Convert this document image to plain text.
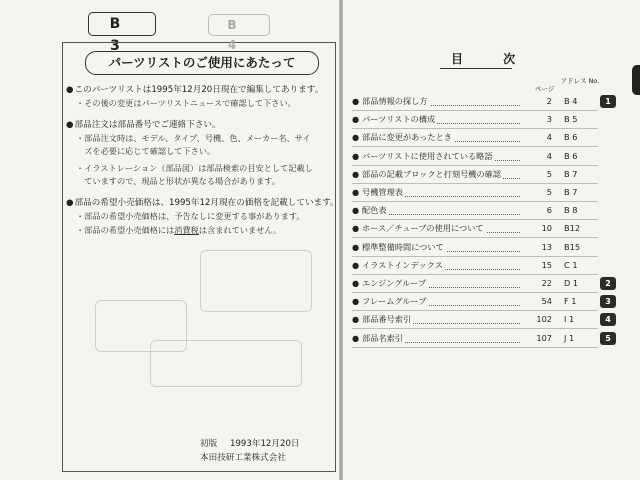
B 3
パーツリストのご使用にあたって
●このパーツリストは1995年12月20日現在で編集してあります。
・その後の変更はパーツリストニュースで確認して下さい。
●部品注文は部品番号でご連絡下さい。
・部品注文時は、モデル、タイプ、号機、色、メーカー名、サイ
　ズを必要に応じて確認して下さい。
・イラストレーション（部品図）は部品検索の目安として記載し
　ていますので、現品と形状が異なる場合があります。
●部品の希望小売価格は、1995年12月現在の価格を記載しています。
・部品の希望小売価格は、予告なしに変更する事があります。
・部品の希望小売価格には消費税は含まれていません。
初版 1993年12月20日
本田技研工業株式会社
B 4
目 次
ページ
アドレス No.
● 部品情報の探し方	2 B 4	1
● パーツリストの構成	3 B 5
● 部品に変更があったとき	4 B 6
● パーツリストに使用されている略語	4 B 6
● 部品の記載ブロックと打刻号機の確認	5 B 7
● 号機管理表	5 B 7
● 配色表	6 B 8
● ホース／チューブの使用について	10 B12
● 標準整備時間について	13 B15
● イラストインデックス	15 C 1
● エンジングループ	22 D 1	2
● フレームグループ	54 F 1	3
● 部品番号索引	102 I 1	4
● 部品名索引	107 J 1	5
